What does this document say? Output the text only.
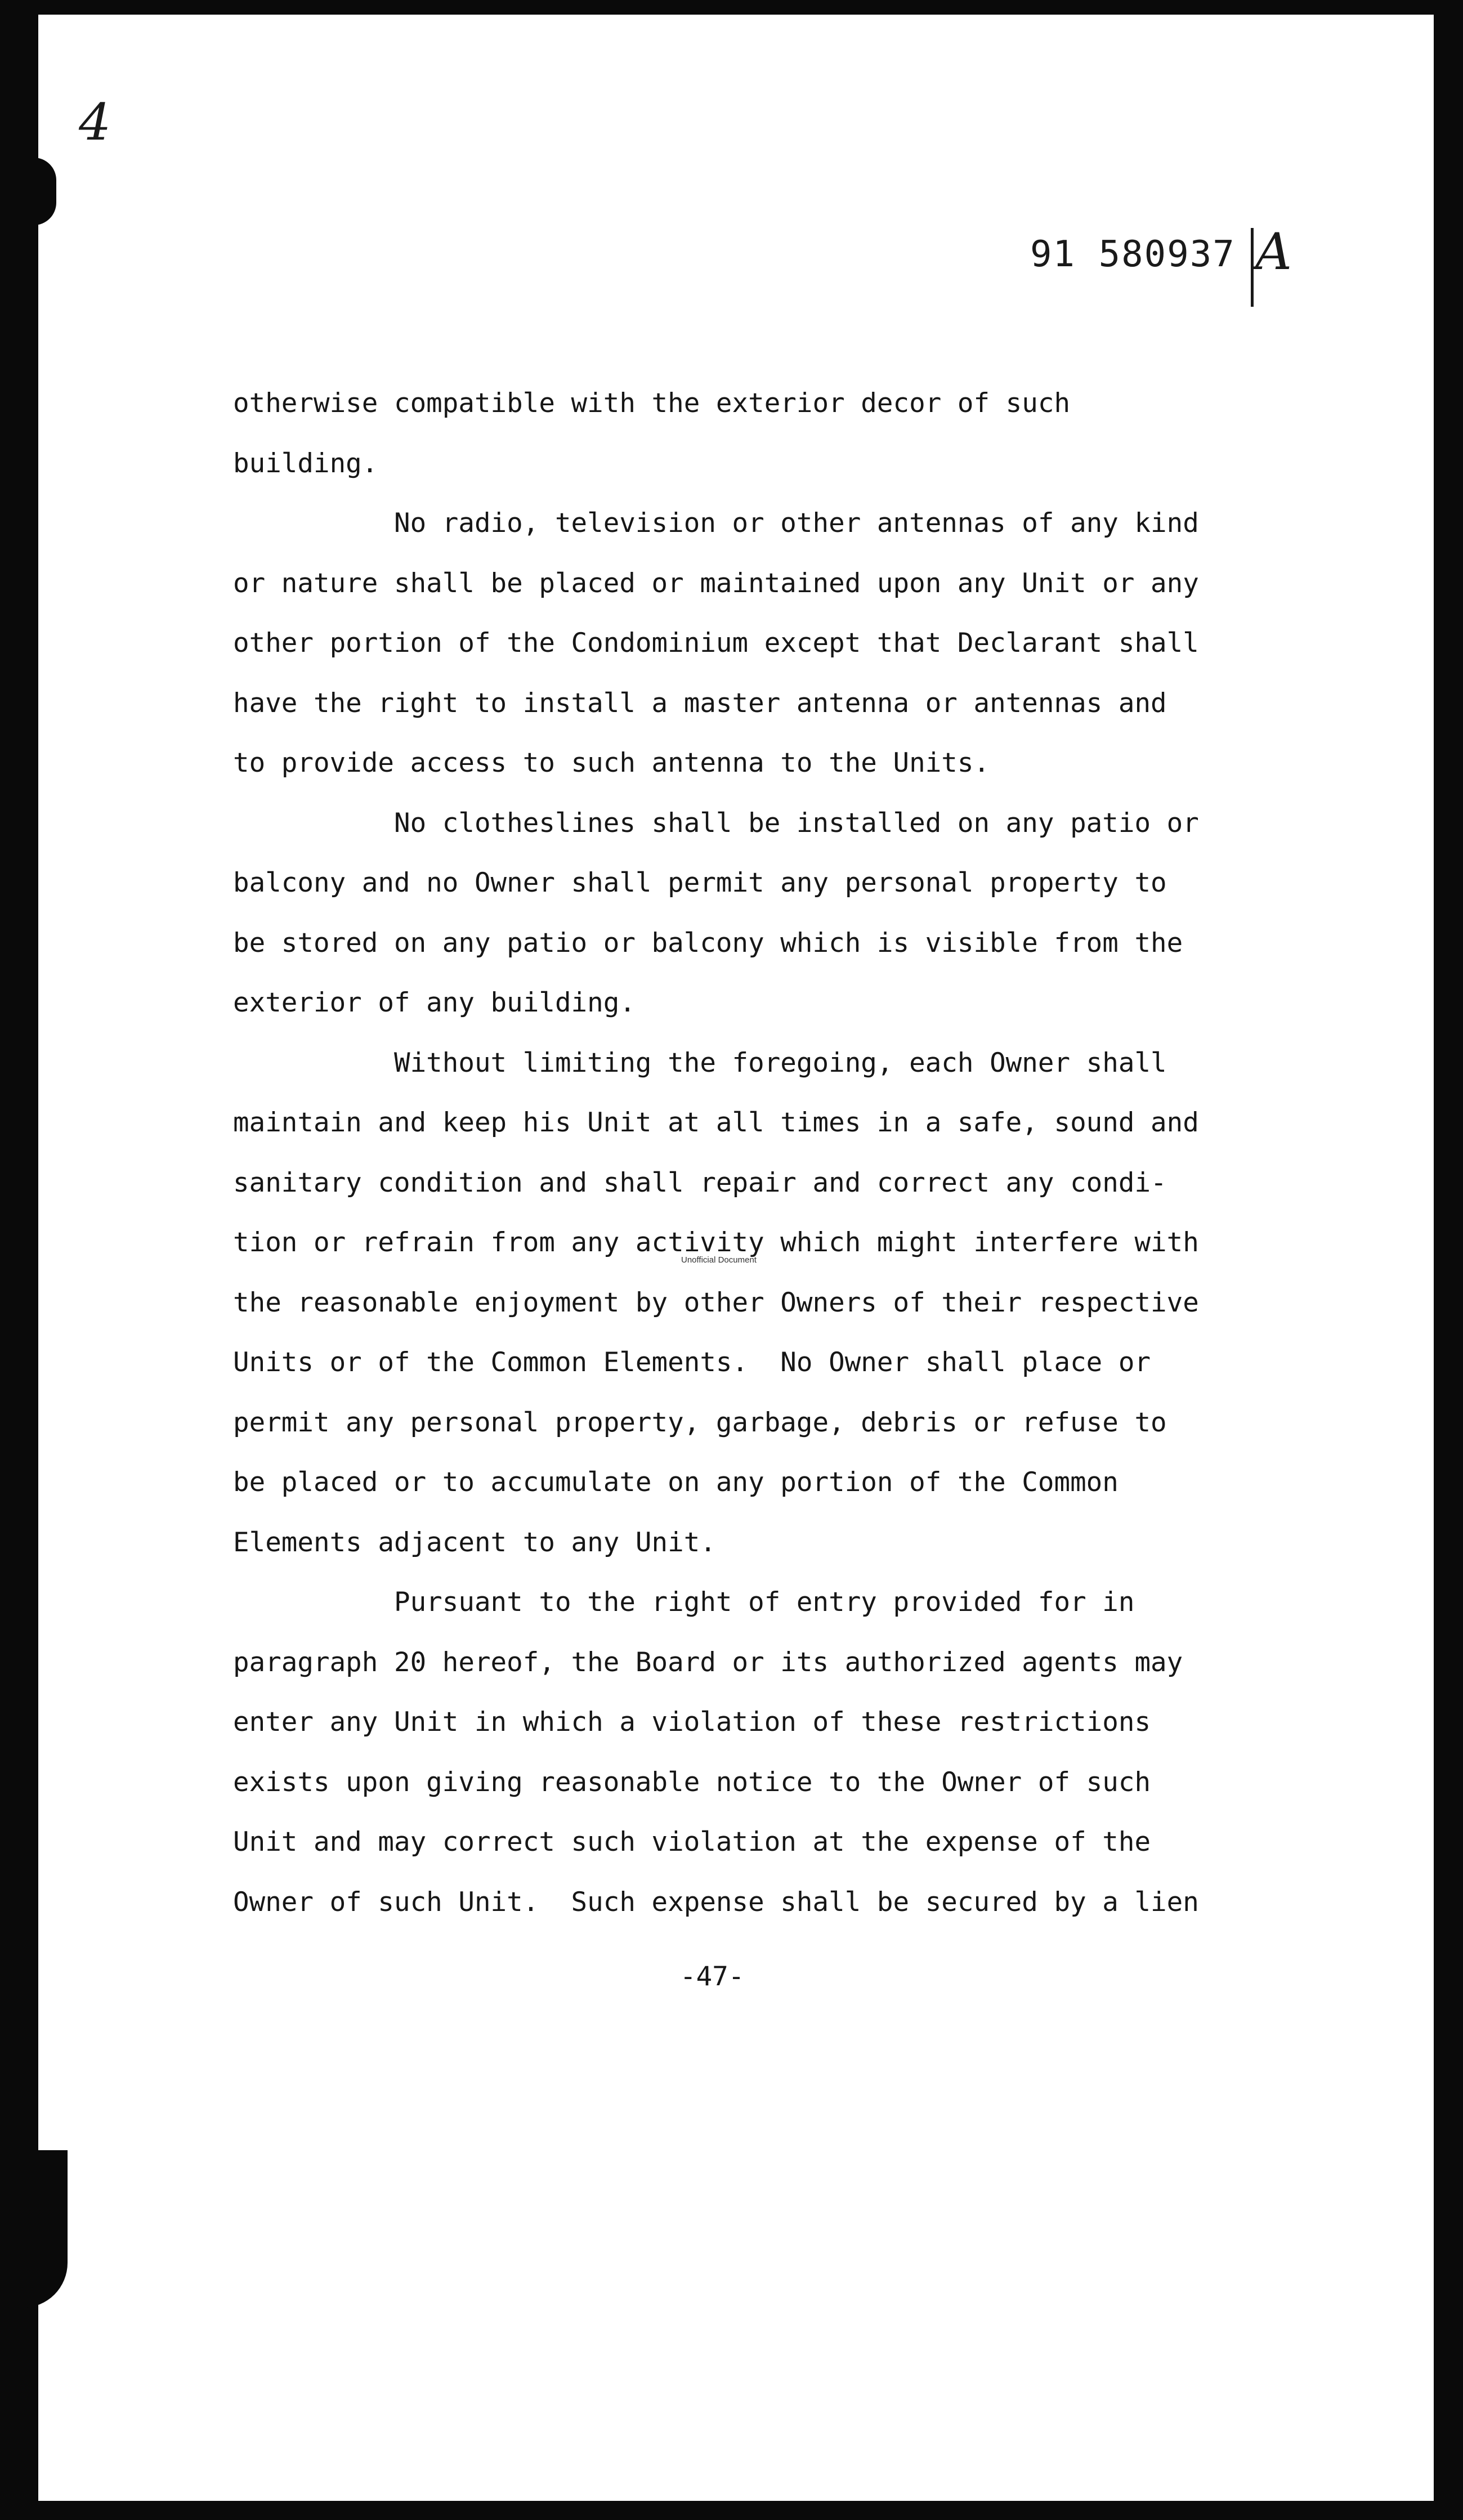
4
91 580937 A
otherwise compatible with the exterior decor of such
building.
No radio, television or other antennas of any kind
or nature shall be placed or maintained upon any Unit or any
other portion of the Condominium except that Declarant shall
have the right to install a master antenna or antennas and
to provide access to such antenna to the Units.
No clotheslines shall be installed on any patio or
balcony and no Owner shall permit any personal property to
be stored on any patio or balcony which is visible from the
exterior of any building.
Without limiting the foregoing, each Owner shall
maintain and keep his Unit at all times in a safe, sound and
sanitary condition and shall repair and correct any condi-
tion or refrain from any activity which might interfere with
the reasonable enjoyment by other Owners of their respective
Units or of the Common Elements.  No Owner shall place or
permit any personal property, garbage, debris or refuse to
be placed or to accumulate on any portion of the Common
Elements adjacent to any Unit.
Pursuant to the right of entry provided for in
paragraph 20 hereof, the Board or its authorized agents may
enter any Unit in which a violation of these restrictions
exists upon giving reasonable notice to the Owner of such
Unit and may correct such violation at the expense of the
Owner of such Unit.  Such expense shall be secured by a lien
Unofficial Document
-47-
